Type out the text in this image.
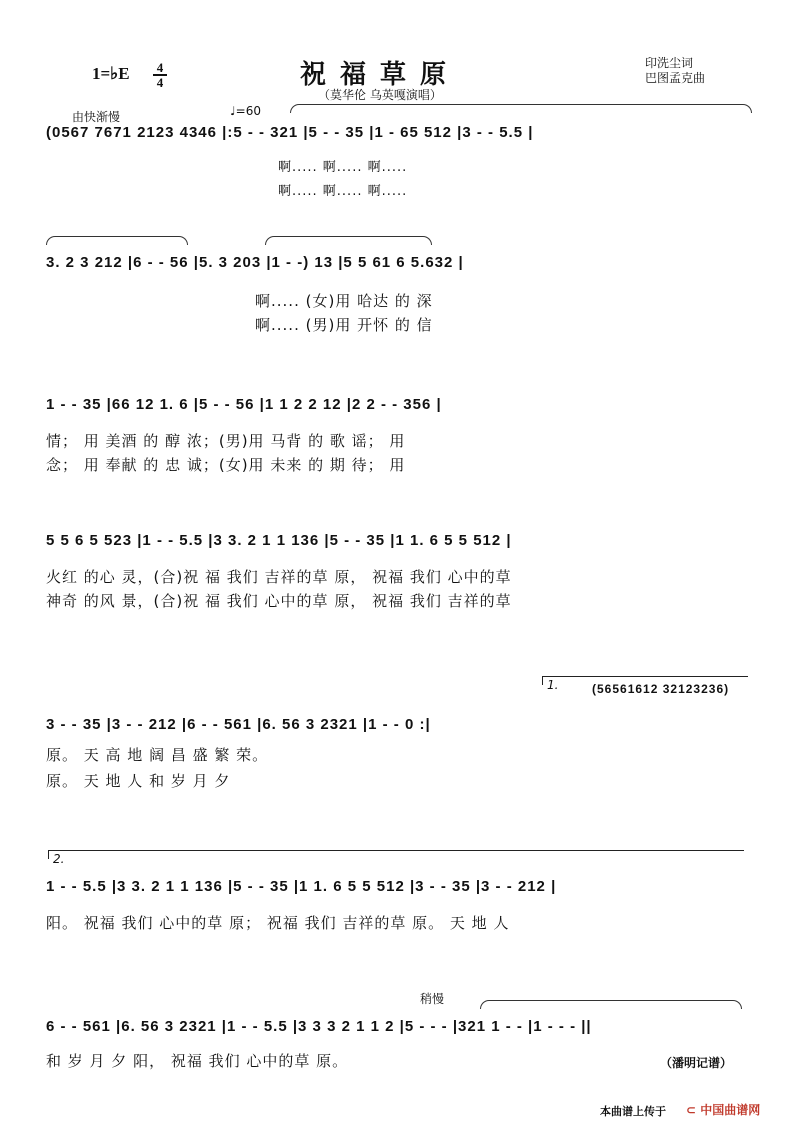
1=♭E 4
4	祝福草原
（莫华伦 乌英嘎演唱）
印洗尘词
巴图孟克曲
由快渐慢	♩=60
(0567 7671 2123 4346 |:5 - - 321 |5 - - 35 |1 - 65 512 |3 - - 5.5 |
啊..... 啊..... 啊.....
啊..... 啊..... 啊.....
3. 2 3 212 |6 - - 56 |5. 3 203 |1 - -) 13 |5 5 61 6 5.632 |
啊..... (女)用 哈达 的 深
啊..... (男)用 开怀 的 信
1 - - 35 |66 12 1. 6 |5 - - 56 |1 1 2 2 12 |2 2 - - 356 |
情； 用 美酒 的 醇 浓；(男)用 马背 的 歌 谣； 用
念； 用 奉献 的 忠 诚；(女)用 未来 的 期 待； 用
5 5 6 5 523 |1 - - 5.5 |3 3. 2 1 1 136 |5 - - 35 |1 1. 6 5 5 512 |
火红 的心 灵，(合)祝 福 我们 吉祥的草 原， 祝福 我们 心中的草
神奇 的风 景，(合)祝 福 我们 心中的草 原， 祝福 我们 吉祥的草
1.	(56561612 32123236)
3 - - 35 |3 - - 212 |6 - - 561 |6. 56 3 2321 |1 - - 0 :|
原。 天 高 地 阔 昌 盛 繁 荣。
原。 天 地 人 和 岁 月 夕
2.
1 - - 5.5 |3 3. 2 1 1 136 |5 - - 35 |1 1. 6 5 5 512 |3 - - 35 |3 - - 212 |
阳。 祝福 我们 心中的草 原； 祝福 我们 吉祥的草 原。 天 地 人
稍慢
6 - - 561 |6. 56 3 2321 |1 - - 5.5 |3 3 3 2 1 1 2 |5 - - - |321 1 - - |1 - - - ||
和 岁 月 夕 阳， 祝福 我们 心中的草 原。	（潘明记谱）
本曲谱上传于 ⊂ 中国曲谱网
